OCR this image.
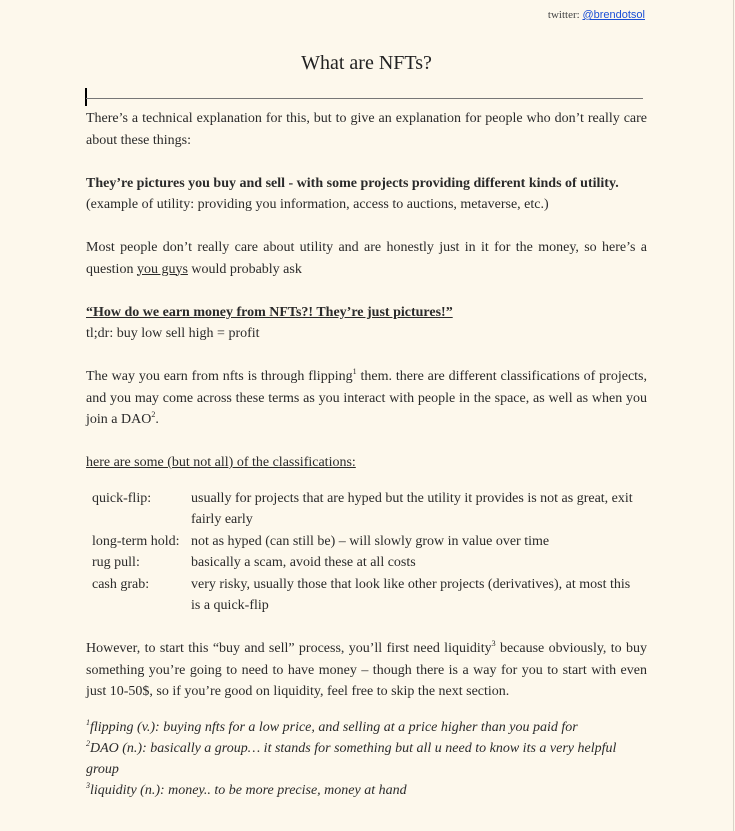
twitter: @brendotsol
What are NFTs?

There’s a technical explanation for this, but to give an explanation for people who don’t really care about these things:

They’re pictures you buy and sell - with some projects providing different kinds of utility.

(example of utility: providing you information, access to auctions, metaverse, etc.)

Most people don’t really care about utility and are honestly just in it for the money, so here’s a question you guys would probably ask

“How do we earn money from NFTs?! They’re just pictures!”

tl;dr: buy low sell high = profit

The way you earn from nfts is through flipping$^1$ them. there are different classifications of projects, and you may come across these terms as you interact with people in the space, as well as when you join a DAO$^2$.

here are some (but not all) of the classifications:

quick-flip:	usually for projects that are hyped but the utility it provides is not as great, exit fairly early
long-term hold:	not as hyped (can still be) – will slowly grow in value over time
rug pull:	basically a scam, avoid these at all costs
cash grab:	very risky, usually those that look like other projects (derivatives), at most this is a quick-flip

However, to start this “buy and sell” process, you’ll first need liquidity$^3$ because obviously, to buy something you’re going to need to have money – though there is a way for you to start with even just 10-50$, so if you’re good on liquidity, feel free to skip the next section.

$^1$flipping (v.): buying nfts for a low price, and selling at a price higher than you paid for
$^2$DAO (n.): basically a group… it stands for something but all u need to know its a very helpful group
$^3$liquidity (n.): money.. to be more precise, money at hand
